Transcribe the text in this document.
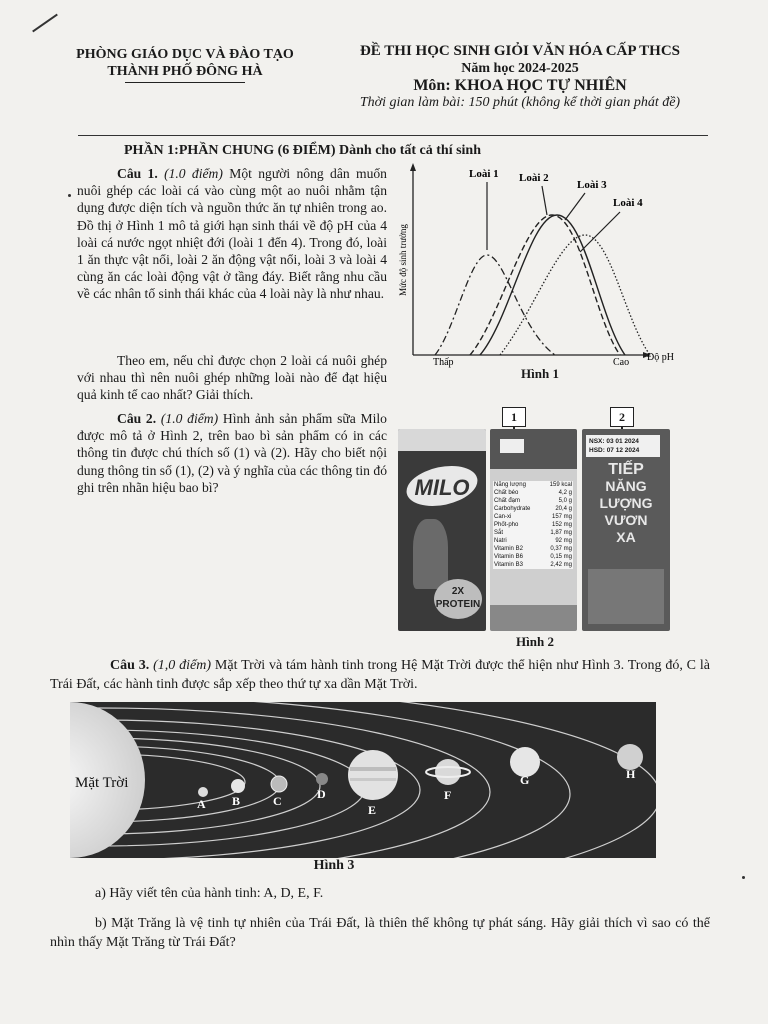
PHÒNG GIÁO DỤC VÀ ĐÀO TẠO
THÀNH PHỐ ĐÔNG HÀ
ĐỀ THI HỌC SINH GIỎI VĂN HÓA CẤP THCS
Năm học 2024-2025
Môn: KHOA HỌC TỰ NHIÊN
Thời gian làm bài: 150 phút (không kể thời gian phát đề)
PHẦN 1:PHẦN CHUNG (6 ĐIỂM) Dành cho tất cả thí sinh
Câu 1. (1.0 điểm) Một người nông dân muốn nuôi ghép các loài cá vào cùng một ao nuôi nhằm tận dụng được diện tích và nguồn thức ăn tự nhiên trong ao. Đồ thị ở Hình 1 mô tả giới hạn sinh thái về độ pH của 4 loài cá nước ngọt nhiệt đới (loài 1 đến 4). Trong đó, loài 1 ăn thực vật nổi, loài 2 ăn động vật nổi, loài 3 và loài 4 cùng ăn các loài động vật ở tầng đáy. Biết rằng nhu cầu về các nhân tố sinh thái khác của 4 loài này là như nhau.
Theo em, nếu chỉ được chọn 2 loài cá nuôi ghép với nhau thì nên nuôi ghép những loài nào để đạt hiệu quả kinh tế cao nhất? Giải thích.
Mức độ sinh trưởng
Độ pH
Thấp	Cao
Loài 1 Loài 2
Loài 3
Loài 4
Hình 1
Câu 2. (1.0 điểm) Hình ảnh sản phẩm sữa Milo được mô tả ở Hình 2, trên bao bì sản phẩm có in các thông tin được chú thích số (1) và (2). Hãy cho biết nội dung thông tin số (1), (2) và ý nghĩa của các thông tin đó ghi trên nhãn hiệu bao bì?
1	2
MILO
2X PROTEIN
Năng lượng	159 kcal
Chất béo	4,2 g
Chất đạm	5,0 g
Carbohydrate	20,4 g
Can-xi	157 mg
Phốt-pho	152 mg
Sắt	1,87 mg
Natri	92 mg
Vitamin B2	0,37 mg
Vitamin B6	0,15 mg
Vitamin B3	2,42 mg
NSX: 03 01 2024
HSD: 07 12 2024
TIẾP
NĂNG
LƯỢNG
VƯƠN
XA
Hình 2
Câu 3. (1,0 điểm) Mặt Trời và tám hành tinh trong Hệ Mặt Trời được thể hiện như Hình 3. Trong đó, C là Trái Đất, các hành tinh được sắp xếp theo thứ tự xa dần Mặt Trời.
Mặt Trời
A B	C	D
E
F
G	H
Hình 3
a) Hãy viết tên của hành tinh: A, D, E, F.
b) Mặt Trăng là vệ tinh tự nhiên của Trái Đất, là thiên thể không tự phát sáng. Hãy giải thích vì sao có thể nhìn thấy Mặt Trăng từ Trái Đất?
